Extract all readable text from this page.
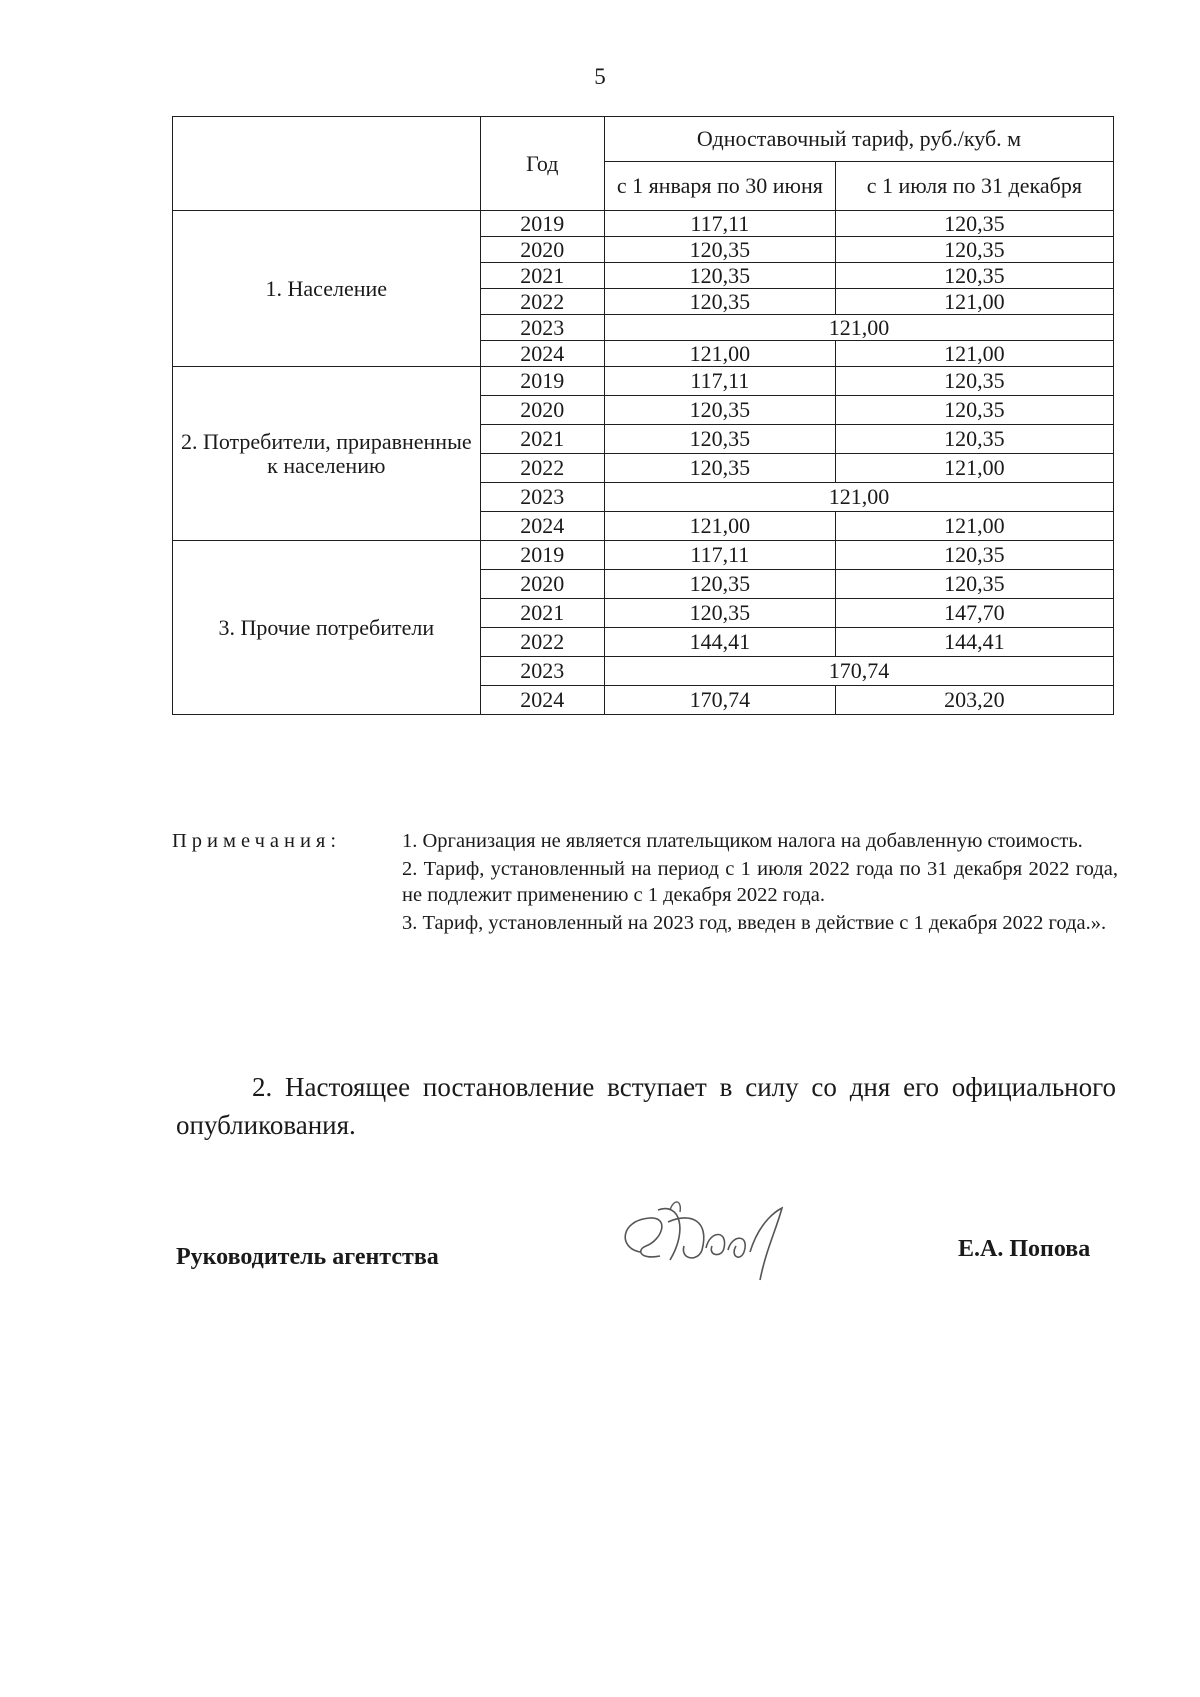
5
	Год	Одноставочный тариф, руб./куб. м	
		с 1 января по 30 июня	с 1 июля по 31 декабря
1. Население	2019	117,11	120,35
	2020	120,35	120,35
	2021	120,35	120,35
	2022	120,35	121,00
	2023	121,00	
	2024	121,00	121,00
2. Потребители, приравненные к населению	2019	117,11	120,35
	2020	120,35	120,35
	2021	120,35	120,35
	2022	120,35	121,00
	2023	121,00	
	2024	121,00	121,00
3. Прочие потребители	2019	117,11	120,35
	2020	120,35	120,35
	2021	120,35	147,70
	2022	144,41	144,41
	2023	170,74	
	2024	170,74	203,20
Примечания:	1. Организация не является плательщиком налога на добавленную стоимость.

2. Тариф, установленный на период с 1 июля 2022 года по 31 декабря 2022 года, не подлежит применению с 1 декабря 2022 года.

3. Тариф, установленный на 2023 год, введен в действие с 1 декабря 2022 года.».

2. Настоящее постановление вступает в силу со дня его официального опубликования.
Руководитель агентства	Е.А. Попова
